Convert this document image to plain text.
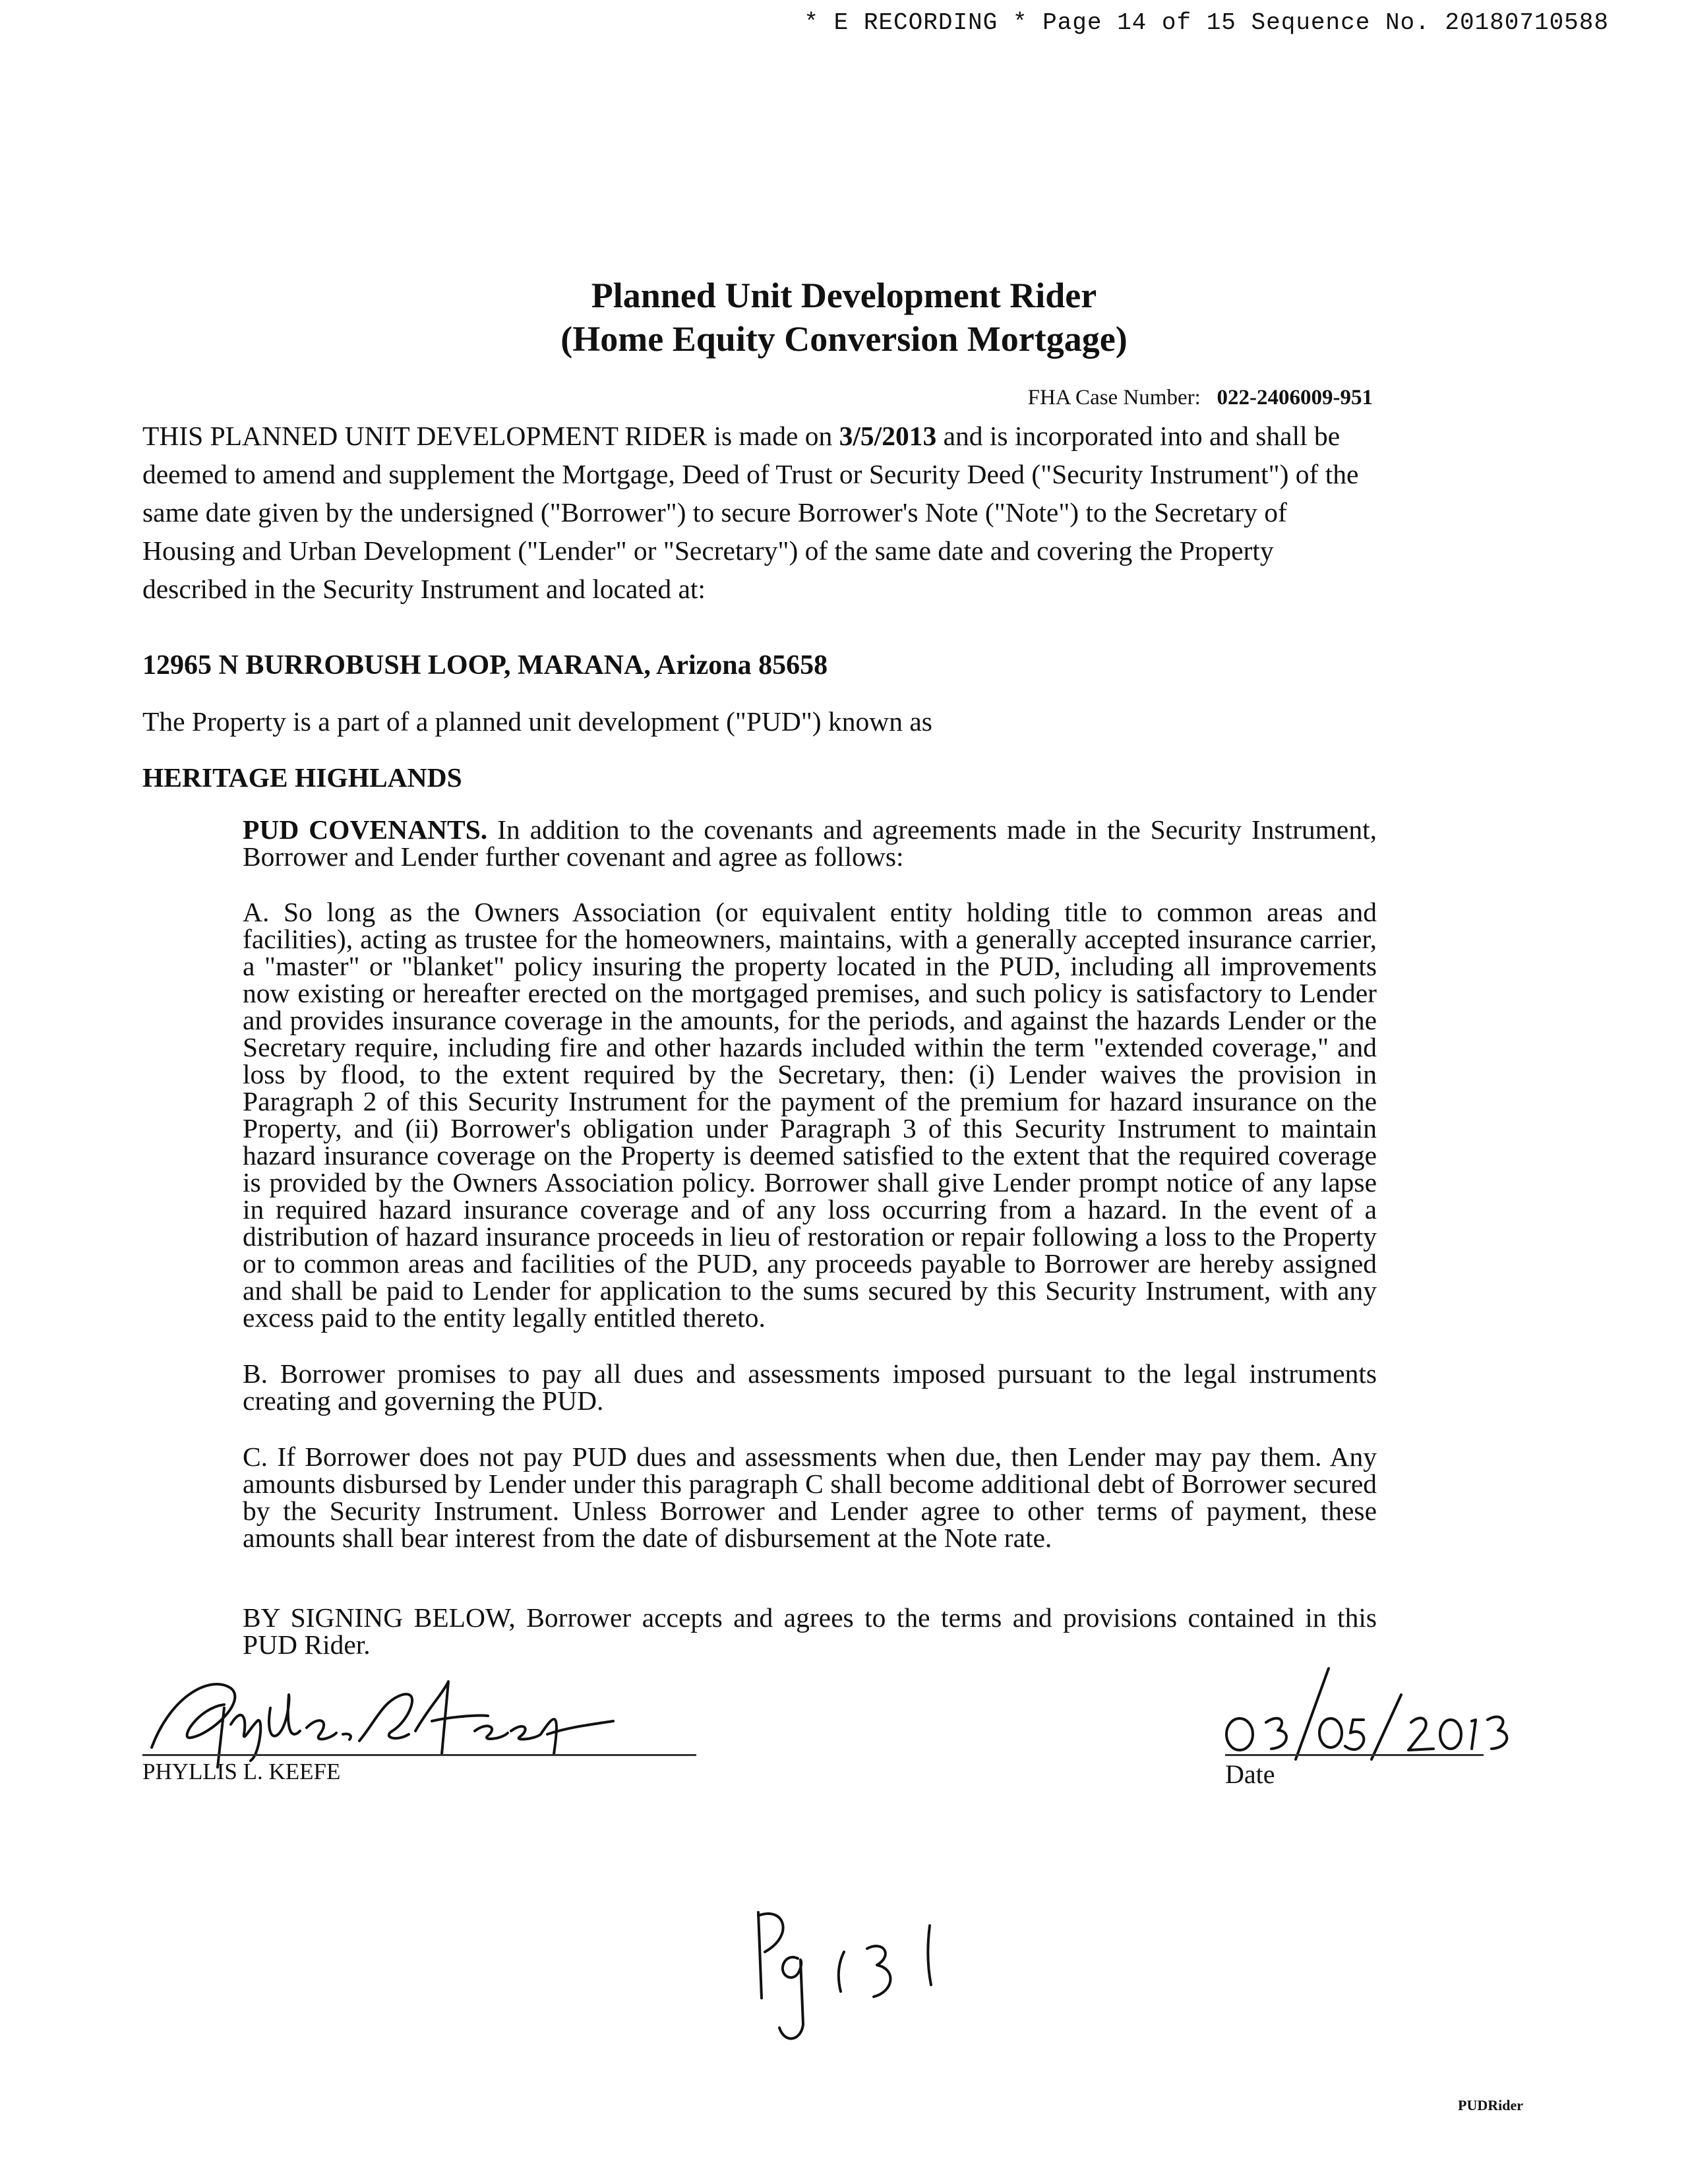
* E RECORDING * Page 14 of 15 Sequence No. 20180710588
Planned Unit Development Rider
(Home Equity Conversion Mortgage)
FHA Case Number: 022-2406009-951
THIS PLANNED UNIT DEVELOPMENT RIDER is made on 3/5/2013 and is incorporated into and shall be deemed to amend and supplement the Mortgage, Deed of Trust or Security Deed ("Security Instrument") of the same date given by the undersigned ("Borrower") to secure Borrower's Note ("Note") to the Secretary of Housing and Urban Development ("Lender" or "Secretary") of the same date and covering the Property described in the Security Instrument and located at:
12965 N BURROBUSH LOOP, MARANA, Arizona 85658
The Property is a part of a planned unit development ("PUD") known as
HERITAGE HIGHLANDS
PUD COVENANTS. In addition to the covenants and agreements made in the Security Instrument, Borrower and Lender further covenant and agree as follows:
A. So long as the Owners Association (or equivalent entity holding title to common areas and facilities), acting as trustee for the homeowners, maintains, with a generally accepted insurance carrier, a "master" or "blanket" policy insuring the property located in the PUD, including all improvements now existing or hereafter erected on the mortgaged premises, and such policy is satisfactory to Lender and provides insurance coverage in the amounts, for the periods, and against the hazards Lender or the Secretary require, including fire and other hazards included within the term "extended coverage," and loss by flood, to the extent required by the Secretary, then: (i) Lender waives the provision in Paragraph 2 of this Security Instrument for the payment of the premium for hazard insurance on the Property, and (ii) Borrower's obligation under Paragraph 3 of this Security Instrument to maintain hazard insurance coverage on the Property is deemed satisfied to the extent that the required coverage is provided by the Owners Association policy. Borrower shall give Lender prompt notice of any lapse in required hazard insurance coverage and of any loss occurring from a hazard. In the event of a distribution of hazard insurance proceeds in lieu of restoration or repair following a loss to the Property or to common areas and facilities of the PUD, any proceeds payable to Borrower are hereby assigned and shall be paid to Lender for application to the sums secured by this Security Instrument, with any excess paid to the entity legally entitled thereto.
B. Borrower promises to pay all dues and assessments imposed pursuant to the legal instruments creating and governing the PUD.
C. If Borrower does not pay PUD dues and assessments when due, then Lender may pay them. Any amounts disbursed by Lender under this paragraph C shall become additional debt of Borrower secured by the Security Instrument. Unless Borrower and Lender agree to other terms of payment, these amounts shall bear interest from the date of disbursement at the Note rate.
BY SIGNING BELOW, Borrower accepts and agrees to the terms and provisions contained in this PUD Rider.
PHYLLIS L. KEEFE	Date
PUDRider
